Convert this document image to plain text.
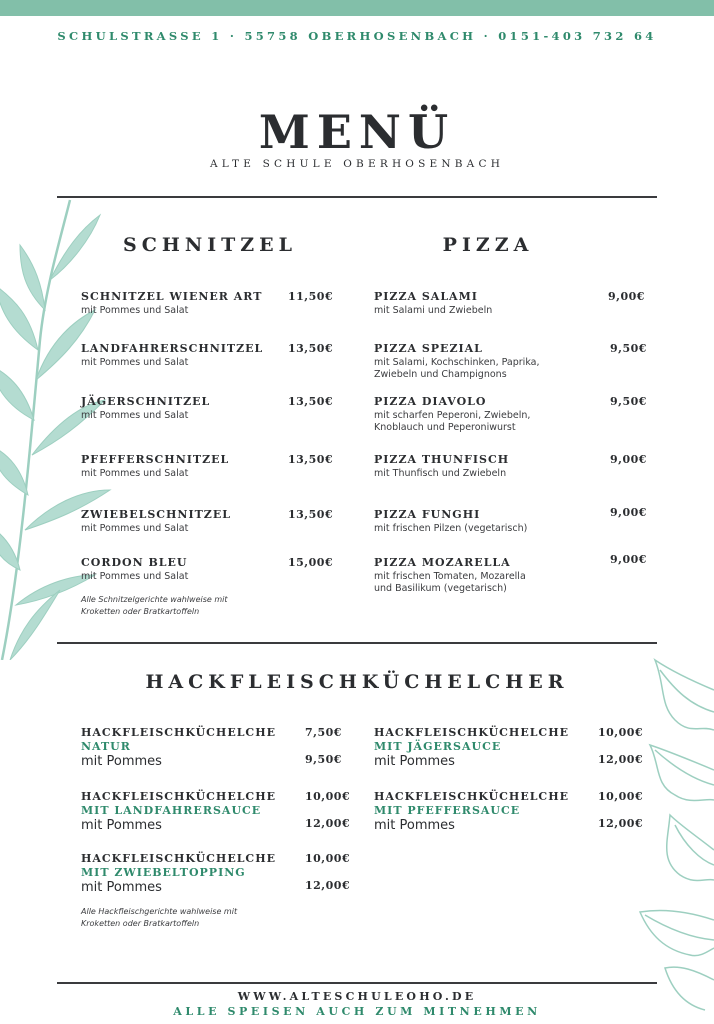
SCHULSTRASSE 1 · 55758 OBERHOSENBACH · 0151-403 732 64
MENÜ
ALTE SCHULE OBERHOSENBACH
SCHNITZEL
SCHNITZEL WIENER ART
mit Pommes und Salat
11,50€
LANDFAHRERSCHNITZEL
mit Pommes und Salat
13,50€
JÄGERSCHNITZEL
mit Pommes und Salat
13,50€
PFEFFERSCHNITZEL
mit Pommes und Salat
13,50€
ZWIEBELSCHNITZEL
mit Pommes und Salat
13,50€
CORDON BLEU
mit Pommes und Salat
15,00€
Alle Schnitzelgerichte wahlweise mit
Kroketten oder Bratkartoffeln
PIZZA
PIZZA SALAMI
mit Salami und Zwiebeln
9,00€
PIZZA SPEZIAL
mit Salami, Kochschinken, Paprika,
Zwiebeln und Champignons
9,50€
PIZZA DIAVOLO
mit scharfen Peperoni, Zwiebeln,
Knoblauch und Peperoniwurst
9,50€
PIZZA THUNFISCH
mit Thunfisch und Zwiebeln
9,00€
PIZZA FUNGHI
mit frischen Pilzen (vegetarisch)
9,00€
PIZZA MOZARELLA
mit frischen Tomaten, Mozarella
und Basilikum (vegetarisch)
9,00€
HACKFLEISCHKÜCHELCHER
HACKFLEISCHKÜCHELCHE
NATUR
mit Pommes
7,50€
9,50€
HACKFLEISCHKÜCHELCHE
MIT LANDFAHRERSAUCE
mit Pommes
10,00€
12,00€
HACKFLEISCHKÜCHELCHE
MIT ZWIEBELTOPPING
mit Pommes
10,00€
12,00€
Alle Hackfleischgerichte wahlweise mit
Kroketten oder Bratkartoffeln
HACKFLEISCHKÜCHELCHE
MIT JÄGERSAUCE
mit Pommes
10,00€
12,00€
HACKFLEISCHKÜCHELCHE
MIT PFEFFERSAUCE
mit Pommes
10,00€
12,00€
WWW.ALTESCHULEOHO.DE
ALLE SPEISEN AUCH ZUM MITNEHMEN
